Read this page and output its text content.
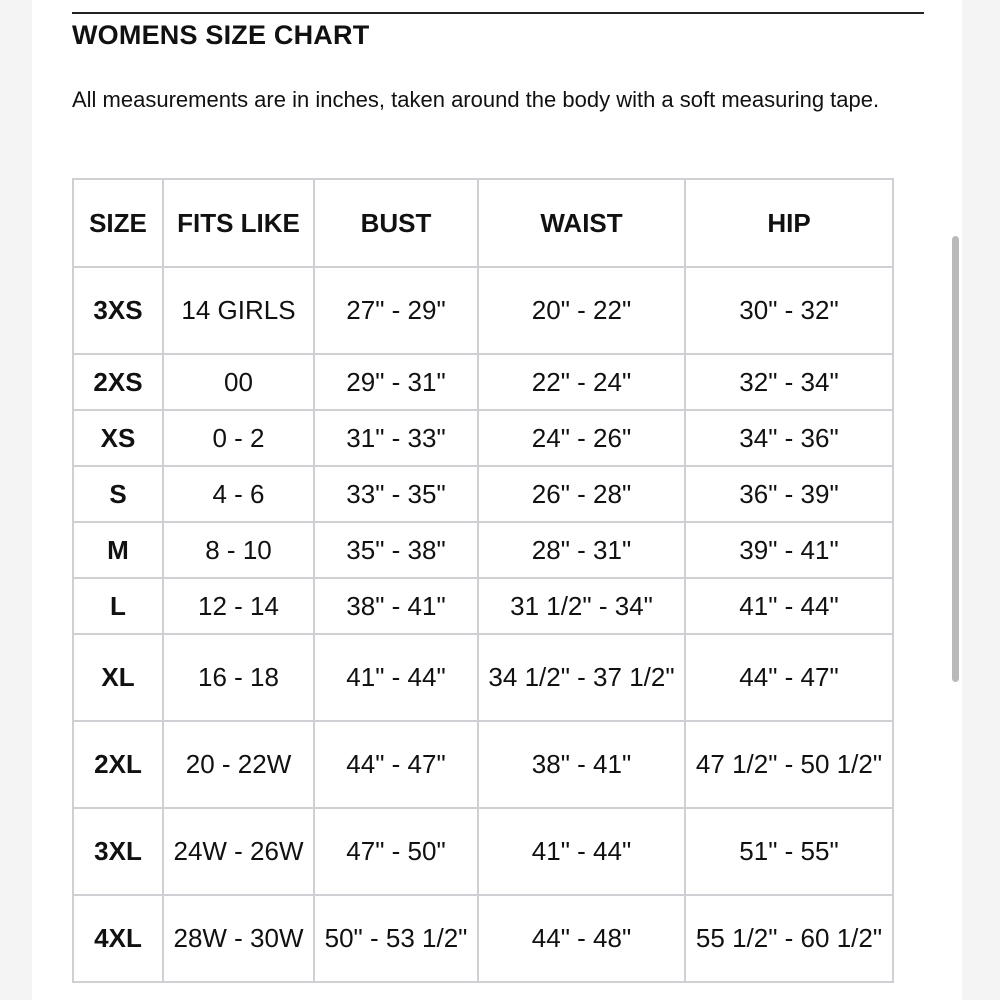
WOMENS SIZE CHART

All measurements are in inches, taken around the body with a soft measuring tape.

SIZE	FITS LIKE	BUST	WAIST	HIP
3XS	14 GIRLS	27" - 29"	20" - 22"	30" - 32"
2XS	00	29" - 31"	22" - 24"	32" - 34"
XS	0 - 2	31" - 33"	24" - 26"	34" - 36"
S	4 - 6	33" - 35"	26" - 28"	36" - 39"
M	8 - 10	35" - 38"	28" - 31"	39" - 41"
L	12 - 14	38" - 41"	31 1/2" - 34"	41" - 44"
XL	16 - 18	41" - 44"	34 1/2" - 37 1/2"	44" - 47"
2XL	20 - 22W	44" - 47"	38" - 41"	47 1/2" - 50 1/2"
3XL	24W - 26W	47" - 50"	41" - 44"	51" - 55"
4XL	28W - 30W	50" - 53 1/2"	44" - 48"	55 1/2" - 60 1/2"
